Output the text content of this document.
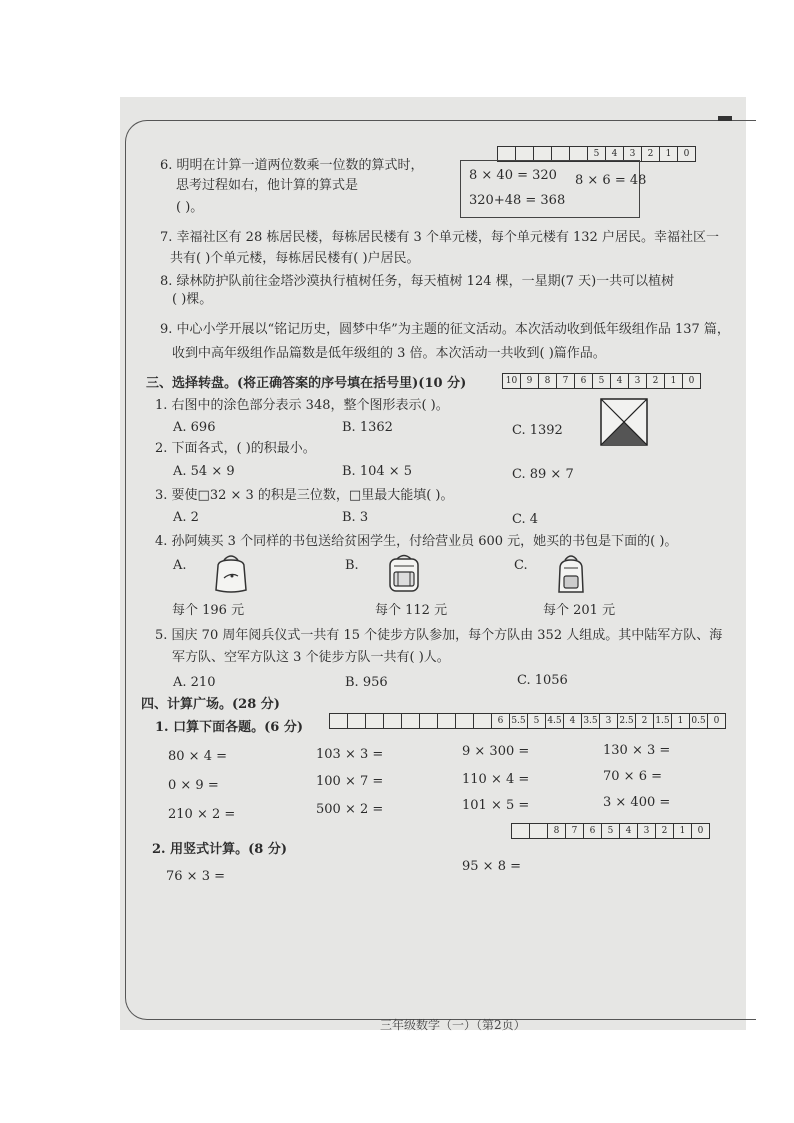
5	4	3	2	1	0
10	9	8	7	6	5	4	3	2	1	0
6 5.5 5 4.5 4 3.5 3 2.5 2 1.5 1 0.5 0
8	7	6	5	4	3	2	1	0
6. 明明在计算一道两位数乘一位数的算式时，
思考过程如右，他计算的算式是
( )。
8 × 40 = 320 8 × 6 = 48
320+48 = 368
7. 幸福社区有 28 栋居民楼，每栋居民楼有 3 个单元楼，每个单元楼有 132 户居民。幸福社区一
共有( )个单元楼，每栋居民楼有( )户居民。
8. 绿林防护队前往金塔沙漠执行植树任务，每天植树 124 棵，一星期(7 天)一共可以植树
( )棵。
9. 中心小学开展以“铭记历史，圆梦中华”为主题的征文活动。本次活动收到低年级组作品 137 篇，
收到中高年级组作品篇数是低年级组的 3 倍。本次活动一共收到( )篇作品。
三、选择转盘。(将正确答案的序号填在括号里)(10 分)
1. 右图中的涂色部分表示 348，整个图形表示( )。
A. 696	B. 1362	C. 1392
2. 下面各式，( )的积最小。
A. 54 × 9	B. 104 × 5	C. 89 × 7
3. 要使□32 × 3 的积是三位数，□里最大能填( )。
A. 2	B. 3	C. 4
4. 孙阿姨买 3 个同样的书包送给贫困学生，付给营业员 600 元，她买的书包是下面的( )。
A.	B.	C.
每个 196 元	每个 112 元	每个 201 元
5. 国庆 70 周年阅兵仪式一共有 15 个徒步方队参加，每个方队由 352 人组成。其中陆军方队、海
军方队、空军方队这 3 个徒步方队一共有( )人。
A. 210	B. 956	C. 1056
四、计算广场。(28 分)
1. 口算下面各题。(6 分)
80 × 4 =	103 × 3 =	9 × 300 =	130 × 3 =
0 × 9 =	100 × 7 =	110 × 4 =	70 × 6 =
210 × 2 =	500 × 2 =	101 × 5 =	3 × 400 =
2. 用竖式计算。(8 分)
76 × 3 =
95 × 8 =
三年级数学（一）（第2页）
